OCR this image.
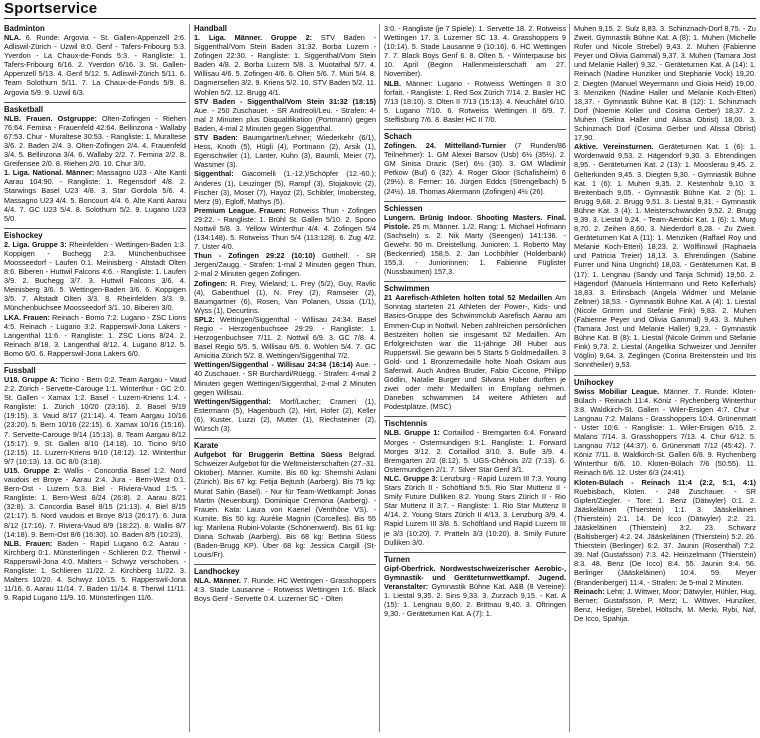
Sportservice
Badminton

NLA. 6. Runde: Argovia - St. Gallen-Appenzell 2:6. Adliswil-Zürich - Uzwil 8:0. Genf - Tafers-Fribourg 5:3. Yverdon - La Chaux-de-Fonds 5:3. - Rangliste: 1. Tafers-Fribourg 6/16. 2. Yverdon 6/16. 3. St. Gallen-Appenzell 5/13. 4. Genf 5/12. 5. Adliswil-Zürich 5/11. 6. Team Solothurn 5/11. 7. La Chaux-de-Fonds 5/9. 8. Argovia 5/9. 9. Uzwil 6/3.

Basketball

NLB. Frauen. Ostgruppe: Olten-Zofingen - Riehen 76:64. Femina - Frauenfeld 42:64. Bellinzona - Wallaby 67:53. Chur - Muraltese 30:53. - Rangliste: 1. Muraltese 3/6. 2. Baden 2/4. 3. Olten-Zofingen 2/4. 4. Frauenfeld 3/4. 5. Bellinzona 3/4. 6. Wallaby 2/2. 7. Femina 2/2. 8. Greifensee 2/0. 8. Riehen 2/0. 10. Chur 3/0.

1. Liga. National. Männer: Massagno U23 - Alte Kanti Aarau 104:90. - Rangliste: 1. Regensdorf 4/8. 2. Starwings Basel U23 4/8. 3. Star Gordola 5/6. 4. Massagno U23 4/4. 5. Boncourt 4/4. 6. Alte Kanti Aarau 4/4. 7. GC U23 5/4. 8. Solothurn 5/2. 9. Lugano U23 5/0.

Eishockey

2. Liga. Gruppe 3: Rheinfelden - Wettingen-Baden 1:3. Koppigen - Buchegg 2:3. Münchenbuchsee Moosseedorf - Laufen 0:1. Meinisberg - Altstadt Olten 8:6. Biberen - Huttwil Falcons 4:6. - Rangliste: 1. Laufen 3/9. 2. Buchegg 3/7. 3. Huttwil Falcons 3/6. 4. Meinisberg 3/6. 5. Wettingen-Baden 3/6. 6. Koppigen 3/5. 7. Altstadt Olten 3/3. 8. Rheinfelden 3/3. 9. Münchenbuchsee Moosseedorf 3/1. 10. Biberen 3/0.

LKA. Frauen: Reinach - Bomo 7:2. Lugano - ZSC Lions 4:5. Reinach - Lugano 3:2. Rapperswil-Jona Lakers - Langenthal 11:6. - Rangliste: 1. ZSC Lions 8/24. 2. Reinach 8/18. 3. Langenthal 8/12. 4. Lugano 8/12. 5. Bomo 6/0. 6. Rapperswil-Jona Lakers 6/0.

Fussball

U18. Gruppe A: Ticino - Bern 0:2. Team Aargau - Vaud 2:2. Zürich - Servette-Carouge 1:1. Winterthur - GC 2:0. St. Gallen - Xamax 1:2. Basel - Luzern-Kriens 1:4. - Rangliste: 1. Zürich 10/20 (23:16). 2. Basel 9/19 (19:15). 3. Vaud 8/17 (21:14). 4. Team Aargau 10/16 (23:20). 5. Bern 10/16 (22:15). 6. Xamax 10/16 (15:16). 7. Servette-Carouge 9/14 (15:13). 8. Team Aargau 8/12 (15:17). 9. St. Gallen 8/10 (14:18). 10. Ticino 9/10 (12:15). 11. Luzern-Kriens 9/10 (18:12). 12. Winterthur 9/7 (10:13). 13. GC 8/0 (3:18).

U15. Gruppe 2: Wallis - Concordia Basel 1:2. Nord vaudois et Broye - Aarau 2:4. Jura - Bern-West 0:1. Bern-Ost - Luzern 5:3. Biel - Riviera-Vaud 1:5. - Rangliste: 1. Bern-West 8/24 (26:8). 2. Aarau 8/21 (32:8). 3. Concordia Basel 8/15 (21:13). 4. Biel 8/15 (21:17). 5. Nord vaudois et Broye 8/13 (26:17). 6. Jura 8/12 (17:16). 7. Riviera-Vaud 8/9 (18:22). 8. Wallis 8/7 (14:18). 9. Bern-Ost 8/6 (16:30). 10. Baden 8/5 (10:23).

NLB. Frauen: Baden - Rapid Lugano 6:2. Aarau - Kirchberg 0:1. Münsterlingen - Schlieren 0:2. Therwil - Rapperswil-Jona 4:0. Malters - Schwyz verschoben. - Rangliste: 1. Schlieren 11/22. 2. Kirchberg 11/22. 3. Malters 10/20. 4. Schwyz 10/15. 5. Rapperswil-Jona 11/16. 6. Aarau 11/14. 7. Baden 11/14. 8. Therwil 11/11. 9. Rapid Lugano 11/9. 10. Münsterlingen 11/6.

Handball

1. Liga. Männer. Gruppe 2: STV Baden - Siggenthal/Vom Stein Baden 31:32. Borba Luzern - Zofingen 22:30. - Rangliste: 1. Siggenthal/Vom Stein Baden 4/8. 2. Borba Luzern 5/8. 3. Muotathal 5/7. 4. Willisau 4/6. 5. Zofingen 4/6. 6. Olten 5/6. 7. Muri 5/4. 8. Dagmersellen 3/2. 9. Kriens 5/2. 10. STV Baden 5/2. 11. Wohlen 5/2. 12. Brugg 4/1.

STV Baden - Siggenthal/Vom Stein 31:32 (18:15) Aue. - 250 Zuschauer. - SR Andreoli/Leu. - Strafen: 4-mal 2 Minuten plus Disqualifikation (Portmann) gegen Baden, 4-mal 2 Minuten gegen Siggenthal.

STV Baden: Baumgartner/Lehner; Wiederkehr (6/1), Hess, Knoth (5), Hügli (4), Portmann (2), Arsik (1), Egenschwiler (1), Lanter, Kuhn (3), Baumli, Meier (7), Wassmer (3).

Siggenthal: Giacomelli (1.-12.)/Schöpfer (12.-60.); Anderes (1), Leuzinger (5), Rampf (3), Stojakovic (2), Fischer (3), Moser (7), Hayoz (2), Schibler, Imobersteg, Merz (9), Egloff, Mathys (5).

Premium League. Frauen: Rotweiss Thun - Zofingen 29:22. - Rangliste: 1. Brühl St. Gallen 5/10. 2. Spono Nottwil 5/8. 3. Yellow Winterthur 4/4. 4. Zofingen 5/4 (134:148). 5. Rotweiss Thun 5/4 (113:128). 6. Zug 4/2. 7. Uster 4/0.

Thun - Zofingen 29:22 (10:10) Gotthelf. - SR Jergen/Zaugg. - Strafen: 1-mal 2 Minuten gegen Thun, 2-mal 2 Minuten gegen Zofingen.

Zofingen: R. Frey, Wieland; L. Frey (5/2), Guy, Ravlic (4), Gabenthuel (1), N. Frey (2), Ramseier (2), Baumgartner (6), Rosen, Van Polanen, Ussia (1/1), Wyss (1), Decurtins.

SPL2: Wettingen/Siggenthal - Willisau 24:34. Basel Regio - Herzogenbuchsee 29:29. - Rangliste: 1. Herzogenbuchsee 7/11. 2. Nottwil 6/9. 3. GC 7/8. 4. Basel Regio 5/5. 5. Willisau 6/5. 6. Wohlen 5/4. 7. GC Amicitia Zürich 5/2. 8. Wettingen/Siggenthal 7/2.

Wettingen/Siggenthal - Willisau 24:34 (16:14) Aue. - 40 Zuschauer. - SR Burchardi/Rüegg. - Strafen: 4-mal 2 Minuten gegen Wettingen/Siggenthal, 2-mal 2 Minuten gegen Willisau.

Wettingen/Siggenthal: Morf/Lacher; Crameri (1), Estermann (5), Hagenbuch (2), Hirt, Hofer (2), Keller (6), Kuster, Luzzi (2), Mutter (1), Riechsteiner (2), Würsch (3).

Karate

Aufgebot für Bruggerin Bettina Süess Belgrad. Schweizer Aufgebot für die Weltmeisterschaften (27.-31. Oktober). Männer. Kumite. Bis 60 kg: Shemshi Aslani (Zürich). Bis 67 kg: Fetija Bejtush (Aarberg). Bis 75 kg: Murat Sahin (Basel). - Nur für Team-Wettkampf: Jonas Martin (Neuenburg). Dominique Cremona (Aarberg). - Frauen. Kata: Laura von Kaenel (Venthône VS). - Kumite. Bis 50 kg: Aurélie Magnin (Corcelles). Bis 55 kg: Marilena Rubini-Volante (Schönenwerd). Bis 61 kg: Diana Schwab (Aarberg). Bis 68 kg: Bettina Süess (Baden-Brugg KP). Über 68 kg: Jessica Cargill (St-Louis/Fr).

Landhockey

NLA. Männer. 7. Runde: HC Wettingen - Grasshoppers 4:3. Stade Lausanne - Rotweiss Wettingen 1:6. Black Boys Genf - Servette 0:4. Luzerner SC - Olten

3:0. - Rangliste (je 7 Spiele): 1. Servette 18. 2. Rotweiss Wettingen 17. 3. Luzerner SC 13. 4. Grasshoppers 9 (10:14). 5. Stade Lausanne 9 (10:16). 6. HC Wettingen 7. 7. Black Boys Genf 6. 8. Olten 5. - Winterpause bis 10. April (Beginn Hallenmeisterschaft am 27. November).

NLB. Männer: Lugano - Rotweiss Wettingen II 3:0 forfait. - Rangliste: 1. Red Sox Zürich 7/14. 2. Basler HC 7/13 (18:10). 3. Olten II 7/13 (15:13). 4. Neuchâtel 6/10. 5. Lugano 7/10. 6. Rotweiss Wettingen II 6/9. 7. Steffisburg 7/6. 8. Basler HC II 7/0.

Schach

Zofingen. 24. Mittelland-Turnier (7 Runden/86 Teilnehmer): 1. GM Alexei Barsov (Usb) 6½ (35½). 2. GM Sinisa Drazic (Ser) 6½ (30). 3. GM Wladimir Petkow (Bul) 6 (32). 4. Roger Gloor (Schafisheim) 6 (29½). 8. Ferner: 16. Jürgen Eddcs (Strengelbach) 5 (24½). 18. Thomas Akermann (Zofingen) 4½ (26).

Schiessen

Lungern. Brünig Indoor. Shooting Masters. Final. Pistole. 25 m. Männer. 1./2. Rang: 1. Michael Hofmann (Sachseln) s. 2. Nik Marty (Seengen) 141:136. - Gewehr. 50 m. Dreistellung. Junioren: 1. Roberto May (Beckenried) 158,5. 2. Jan Lochbihler (Holderbank) 155,3. - Juniorinnen: 1. Fabienne Füglister (Nussbaumen) 157,3.

Schwimmen

21 Aarefisch-Athleten holten total 52 Medaillen Am Sonntag starteten 21 Athleten der Power-, Kids- und Basics-Gruppe des Schwimmclub Aarefisch Aarau am Emmen-Cup in Nottwil. Neben zahlreichen persönlichen Bestzeiten holten sie insgesamt 52 Medaillen. Am Erfolgreichsten war die 11-jährige Jill Huber aus Rupperswil. Sie gewann bei 5 Starts 5 Goldmedaillen. 3 Gold- und 1 Bronzemedaille holte Noah Oskam aus Safenwil. Auch Andrea Bruder, Fabio Ciccone, Philipp Gödlin, Natalie Burger und Silvana Huber durften je zwei oder mehr Medaillen in Empfang nehmen. Daneben schwammen 14 weitere Athleten auf Podestplätze. (MSC)

Tischtennis

NLB. Gruppe 1: Cortaillod - Bremgarten 6:4. Forward Morges - Ostermundigen 9:1. Rangliste: 1. Forward Morges 3/12. 2. Cortaillod 3/10. 3. Bulle 3/9. 4. Bremgarten 2/2 (8:12). 5. UGS-Chênois 2/2 (7:13). 6. Ostermundigen 2/1. 7. Silver Star Genf 3/1.

NLC. Gruppe 3: Lenzburg - Rapid Luzern III 7:3. Young Stars Zürich II - Schöftland 5:5. Rio Star Muttenz II - Smily Future Dulliken 8:2. Young Stars Zürich II - Rio Star Muttenz II 3:7. - Rangliste: 1. Rio Star Muttenz II 4/14. 2. Young Stars Zürich II 4/13. 3. Lenzburg 3/9. 4. Rapid Luzern III 3/8. 5. Schöftland und Rapid Luzern III je 3/3 (10:20). 7. Pratteln 3/3 (10:20). 8. Smily Future Dulliken 3/0.

Turnen

Gipf-Oberfrick. Nordwestschweizerischer Aerobic-, Gymnastik- und Geräteturnwettkampf. Jugend. Veranstalter: Gymnastik Bühne Kat. A&B (8 Vereine): 1. Liestal 9,35. 2. Sins 9,33. 3. Zurzach 9,15. - Kat. A (15): 1. Lengnau 9,60. 2. Brittnau 9,40. 3. Oftringen 9,30. - Geräteturnen Kat. A (7): 1.

Muhen 9,15. 2. Sulz 8,83. 3. Schinznach-Dorf 8,75. - Zu Zweit. Gymnastik Bühne Kat. A (8): 1. Muhen (Michelle Rufer und Nicole Strebel) 9,43. 2. Muhen (Fabienne Peyer und Olivia Gammal) 9,37. 3. Muhen (Tamara Jost und Melanie Haller) 9,32. - Geräteturnen Kat. A (14): 1. Reinach (Nadine Hunziker und Stephanie Vock) 19,20. 2. Diegten (Manuel Weyermann und Gioia Heid) 19,00. 3. Menziken (Nadine Haller und Melanie Koch-Etteri) 18,37. - Gymnastik Bühne Kat. B (12): 1. Schinznach Dorf (Noemie Koller und Cosima Gerber) 18,37. 2. Muhen (Selina Haller und Alissa Obrist) 18,00. 3. Schinznach Dorf (Cosima Gerber und Alissa Obrist) 17,90.

Aktive. Vereinsturnen. Geräteturnen Kat. 1 (6): 1. Wordenwald 9,53. 2. Hägendorf 9,30. 3. Ehrendingen 8,95. - Geräteturnen Kat. 2 (13): 1. Mooslerau 9,45. 2. Gelterkinden 9,45. 3. Diegten 9,30. - Gymnastik Bühne Kat. 1 (6): 1. Muhen 9,35. 2. Kestenholz 9,10. 3. Breitenbach 9,05. - Gymnastik Bühne Kat. 2 (5): 1. Brugg 9,68. 2. Brugg 9,51. 3. Liestal 9,31. - Gymnastik Bühne Kat. 3 (4): 1. Meisterschwanden 9,52. 2. Brugg 9,39. 3. Liestal 9,24. - Team-Aerobic Kat. 1 (6): 1. Murg 8,70. 2. Zeihen 8,60. 3. Niederdorf 8,28. - Zu Zweit. Geräteturnen Kat A (11): 1. Menziken (Raffael Roy und Melanie Koch-Etteri) 18,23. 2. Wölflinswil (Raphaela und Patricia Treier) 18,13. 3. Ehrendingen (Sabine Furrer und Nina Ungricht) 18,03. - Geräteturnen Kat. B (17): 1. Lengnau (Sandy und Tanja Schmid) 19,50. 2. Hägendorf (Manuela Hintermann und Reto Kellerhals) 18,83. 3. Erlinsbach (Angela Widmer und Melanie Zeltner) 18,53. - Gymnastik Bühne Kat. A (4): 1. Liestal (Nicole Grimm und Stefanie Fink) 9,83. 2. Muhen (Fabienne Peyer und Olivia Gammal) 9,43. 3. Muhen (Tamara Jost und Melanie Haller) 9,23. - Gymnastik Bühne Kat. B (8): 1. Liestal (Nicole Grimm und Stefanie Fink) 9,73. 2. Liestal (Angelika Schweizer und Jennifer Vöglin) 9,64. 3. Zeglingen (Corina Breitenstein und Iris Sonntheiler) 9,53.

Unihockey

Swiss Mobiliar League. Männer. 7. Runde: Kloten-Bülach - Reinach 11:4. Köniz - Rychenberg Winterthur 3:8. Waldkirch-St. Gallen - Wiler-Ersigen 4:7. Chur - Langnau 7:2. Malans - Grasshoppers 10:4. Grünenmatt - Uster 10:6. - Rangliste: 1. Wiler-Ersigen 6/15. 2. Malans 7/14. 3. Grasshoppers 7/13. 4. Chur 6/12. 5. Langnau 7/12 (44:37). 6. Grünenmatt 7/12 (45:42). 7. Köniz 7/11. 8. Waldkirch-St. Gallen 6/8. 9. Rychenberg Winterthur 6/6. 10. Kloten-Bülach 7/6 (50:55). 11. Reinach 6/6. 12. Uster 6/3 (24:41).

Kloten-Bülach - Reinach 11:4 (2:2, 5:1, 4:1) Ruebisbach, Kloten. - 248 Zuschauer. - SR Gipfert/Ziegler. - Tore: 1. Benz (Dätwyler) 0:1. 2. Jääskeläinen (Thierstein) 1:1. 3. Jääskeläinen (Thierstein) 2:1. 14. De Icco (Dätwyler) 2:2. 21. Jääskeläinen (Thierstein) 3:2. 23. Schwarz (Baltisberger) 4:2. 24. Jääskeläinen (Thierstein) 5:2. 26. Thierstein (Berlinger) 6:2. 37. Jaunin (Rosenthal) 7:2. 39. Naf (Gustafsson) 7:3. 42. Heinzelmann (Thierstein) 8:3. 48. Benz (De Icco) 8:4. 55. Jaunin 9:4. 56. Berlinger (Jääskeläinen) 10:4. 59. Meyer (Brandenberger) 11:4. - Strafen: Je 5-mal 2 Minuten.

Reinach: Lehti; J. Wittwer, Moor; Dätwyler, Hühler, Hug, Berner; Gustafsson, P. Merz; L. Wittwer, Hunziker, Benz, Hediger, Strebel, Höltschi, M. Merki, Rybi, Naf, De Icco, Spahija.
